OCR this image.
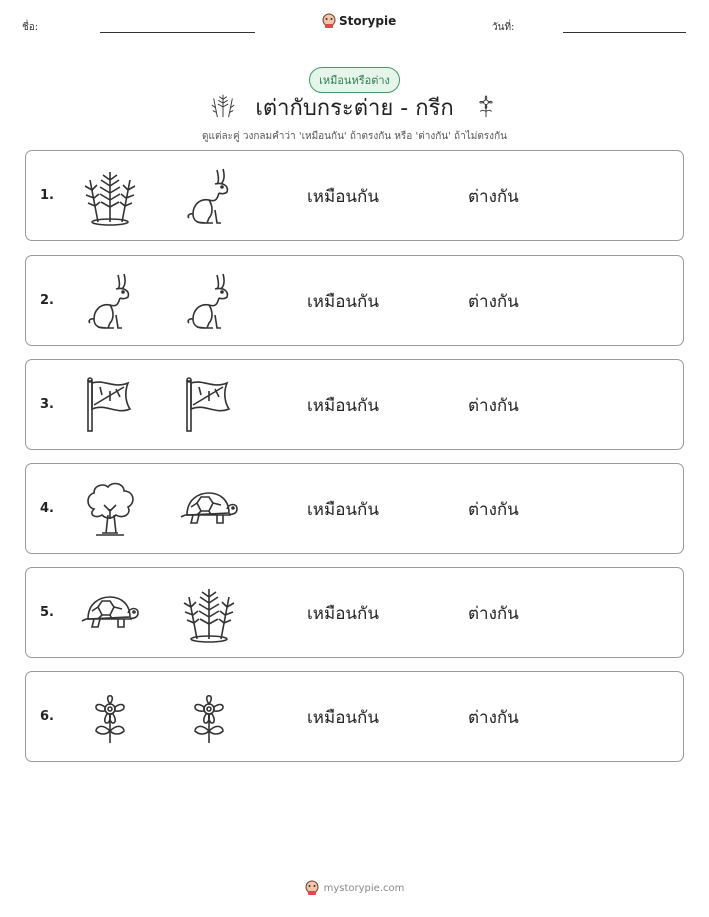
ชื่อ:	Storypie	วันที่:
เหมือนหรือต่าง
เต่ากับกระต่าย - กรีก
ดูแต่ละคู่ วงกลมคำว่า 'เหมือนกัน' ถ้าตรงกัน หรือ 'ต่างกัน' ถ้าไม่ตรงกัน
1.	เหมือนกัน	ต่างกัน
2.	เหมือนกัน	ต่างกัน
3.	เหมือนกัน	ต่างกัน
4.	เหมือนกัน	ต่างกัน
5.	เหมือนกัน	ต่างกัน
6.	เหมือนกัน	ต่างกัน
mystorypie.com
